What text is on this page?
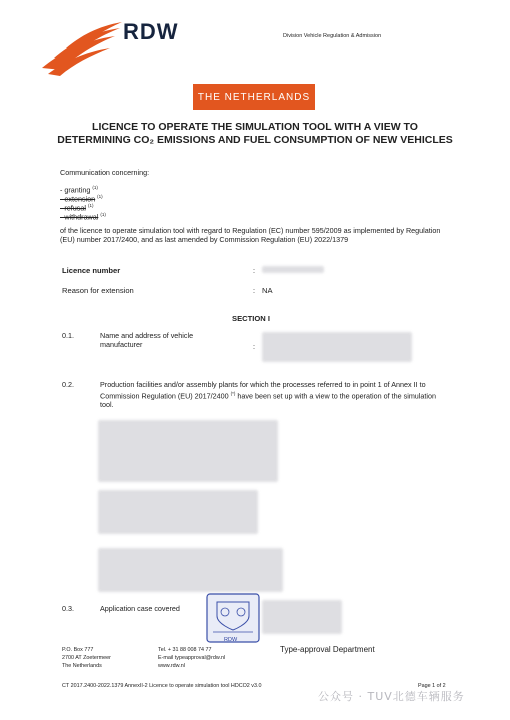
RDW	Division Vehicle Regulation & Admission
THE NETHERLANDS
LICENCE TO OPERATE THE SIMULATION TOOL WITH A VIEW TO
DETERMINING CO₂ EMISSIONS AND FUEL CONSUMPTION OF NEW VEHICLES
Communication concerning:
- granting $^{(1)}$
- extension $^{(1)}$
- refusal $^{(1)}$
- withdrawal $^{(1)}$
of the licence to operate simulation tool with regard to Regulation (EC) number 595/2009 as implemented by Regulation (EU) number 2017/2400, and as last amended by Commission Regulation (EU) 2022/1379
Licence number	:
Reason for extension	: NA
SECTION I
0.1.	Name and address of vehicle manufacturer	:
0.2.	Production facilities and/or assembly plants for which the processes referred to in point 1 of Annex II to Commission Regulation (EU) 2017/2400 (*) have been set up with a view to the operation of the simulation tool.
0.3.	Application case covered
RDW
P.O. Box 777
2700 AT Zoetermeer
The Netherlands
Tel. + 31 88 008 74 77
E-mail typeapproval@rdw.nl
www.rdw.nl
Type-approval Department
Page 1 of 2
CT 2017.2400-2022.1379 AnnexII-2 Licence to operate simulation tool HDCO2 v3.0
公众号 · TUV北德车辆服务
